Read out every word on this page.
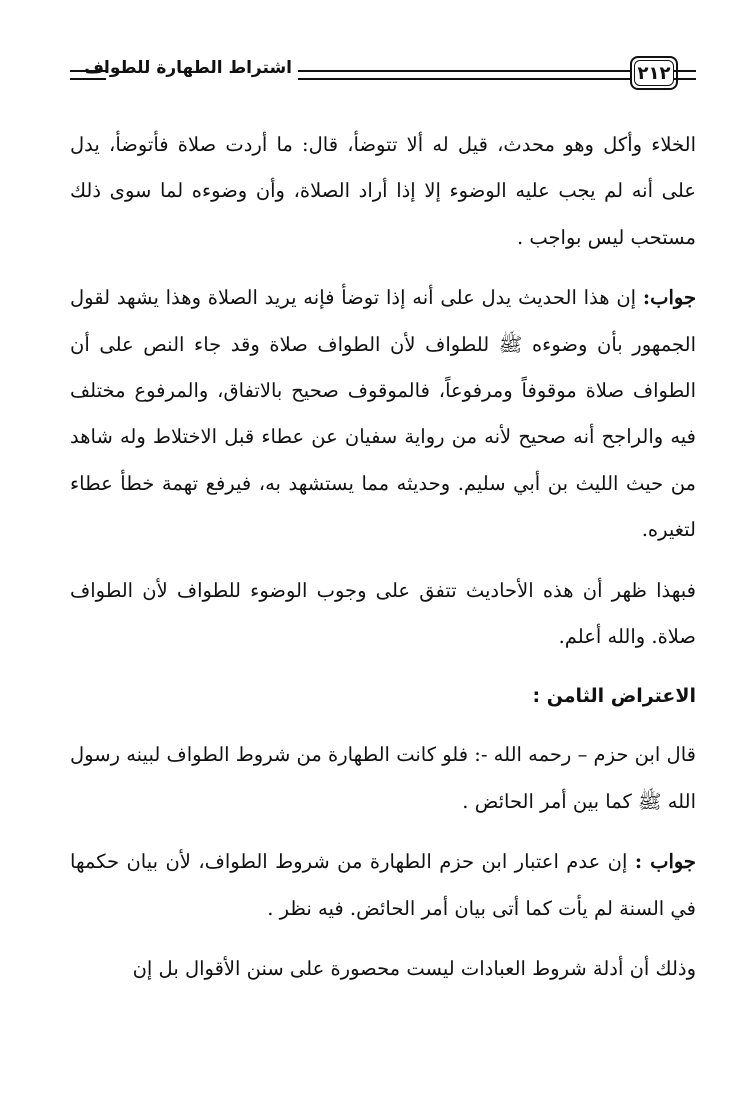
اشتراط الطهارة للطواف	٢١٢

الخلاء وأكل وهو محدث، قيل له ألا تتوضأ، قال: ما أردت صلاة فأتوضأ، يدل على أنه لم يجب عليه الوضوء إلا إذا أراد الصلاة، وأن وضوءه لما سوى ذلك مستحب ليس بواجب .

جواب: إن هذا الحديث يدل على أنه إذا توضأ فإنه يريد الصلاة وهذا يشهد لقول الجمهور بأن وضوءه ﷺ للطواف لأن الطواف صلاة وقد جاء النص على أن الطواف صلاة موقوفاً ومرفوعاً، فالموقوف صحيح بالاتفاق، والمرفوع مختلف فيه والراجح أنه صحيح لأنه من رواية سفيان عن عطاء قبل الاختلاط وله شاهد من حيث الليث بن أبي سليم. وحديثه مما يستشهد به، فيرفع تهمة خطأ عطاء لتغيره.

فبهذا ظهر أن هذه الأحاديث تتفق على وجوب الوضوء للطواف لأن الطواف صلاة. والله أعلم.

الاعتراض الثامن :

قال ابن حزم – رحمه الله -: فلو كانت الطهارة من شروط الطواف لبينه رسول الله ﷺ كما بين أمر الحائض .

جواب : إن عدم اعتبار ابن حزم الطهارة من شروط الطواف، لأن بيان حكمها في السنة لم يأت كما أتى بيان أمر الحائض. فيه نظر .

وذلك أن أدلة شروط العبادات ليست محصورة على سنن الأقوال بل إن
